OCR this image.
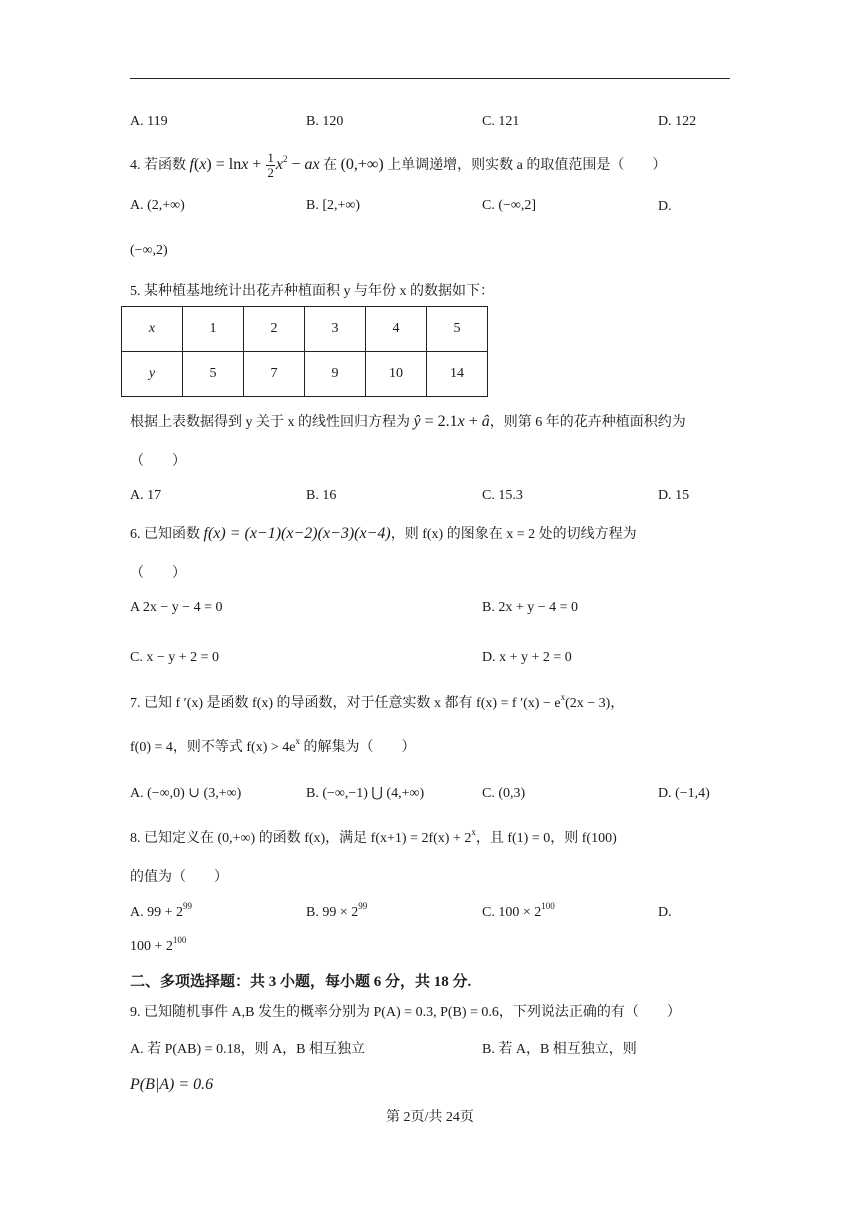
A. 119	B. 120	C. 121	D. 122
4. 若函数 $f(x) = \ln x + \frac{1}{2} x^2$ − ax 在 (0,+∞) 上单调递增，则实数 a 的取值范围是（　　）
A. (2,+∞)	B. [2,+∞)	C. (−∞,2]	D.
(−∞,2)
5. 某种植基地统计出花卉种植面积 y 与年份 x 的数据如下：
x	1	2	3	4	5
y	5	7	9	10	14
根据上表数据得到 y 关于 x 的线性回归方程为 ŷ = 2.1x + â，则第 6 年的花卉种植面积约为
（　　）
A. 17	B. 16	C. 15.3	D. 15
6. 已知函数 f(x) = (x−1)(x−2)(x−3)(x−4)，则 f(x) 的图象在 x = 2 处的切线方程为
（　　）
A 2x − y − 4 = 0	B. 2x + y − 4 = 0
C. x − y + 2 = 0	D. x + y + 2 = 0
7. 已知 f ′(x) 是函数 f(x) 的导函数，对于任意实数 x 都有 f(x) = f $'(x) - e^x(2x - 3)$，
f(0) = 4，则不等式 $f(x) > 4e^x$ 的解集为（　　）
A. (−∞,0) ∪ (3,+∞)	B. (−∞,−1) ⋃ (4,+∞)	C. (0,3)	D. (−1,4)
8. 已知定义在 (0,+∞) 的函数 f(x)，满足 $f(x+1) = 2f(x) + 2^x$，且 f(1) = 0，则 f(100)
的值为（　　）
A. $99 + 2^{99}$	B. $99 \times 2^{99}$	C. $100 \times 2^{100}$	D.
$100 + 2^{100}$
二、多项选择题：共 3 小题，每小题 6 分，共 18 分.
9. 已知随机事件 A,B 发生的概率分别为 P(A) = 0.3, P(B) = 0.6，下列说法正确的有（　　）
A. 若 P(AB) = 0.18，则 A，B 相互独立	B. 若 A，B 相互独立，则
P(B|A) = 0.6
第 2页/共 24页
